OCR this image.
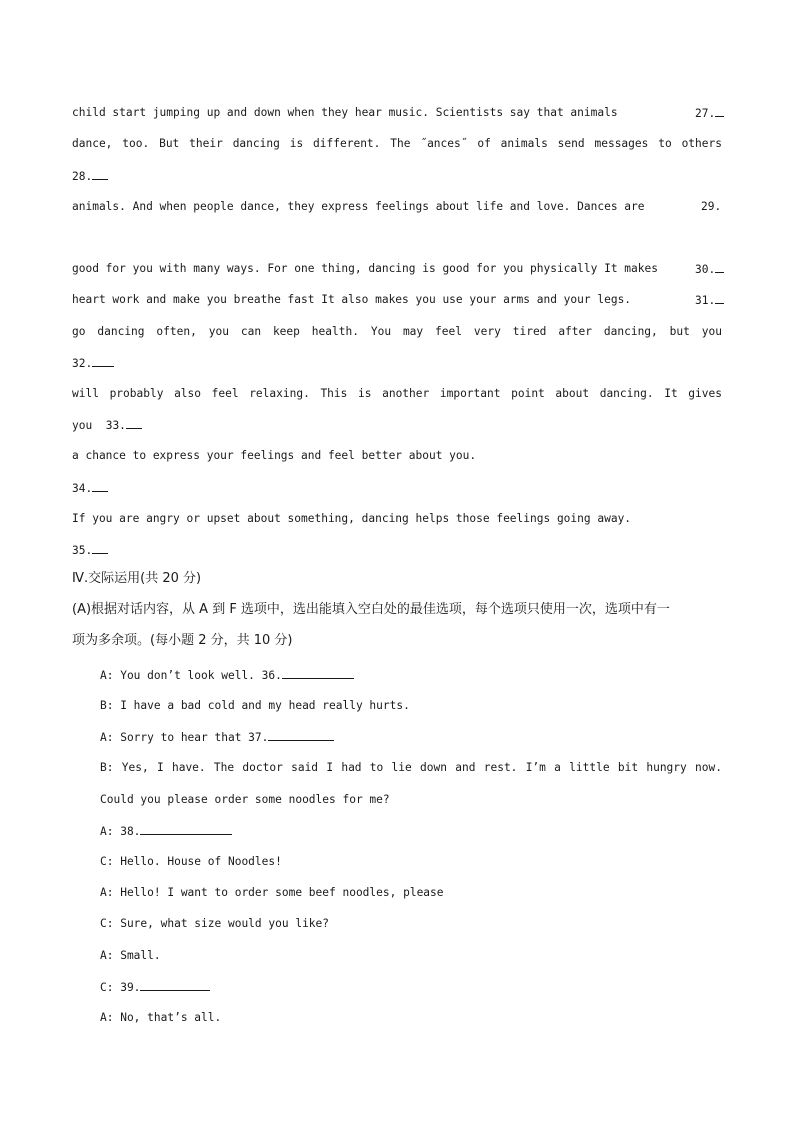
child start jumping up and down when they hear music. Scientists say that animals	27.
dance, too. But their dancing is different. The ˝ances˝ of animals send messages to others
28.
animals. And when people dance, they express feelings about life and love. Dances are	29.
good for you with many ways. For one thing, dancing is good for you physically It makes	30.
heart work and make you breathe fast It also makes you use your arms and your legs.	31.
go dancing often, you can keep health. You may feel very tired after dancing, but you
32.
will probably also feel relaxing. This is another important point about dancing. It gives
you 33.
a chance to express your feelings and feel better about you.
34.
If you are angry or upset about something, dancing helps those feelings going away.
35.
Ⅳ.交际运用(共 20 分)
(A)根据对话内容，从 A 到 F 选项中，选出能填入空白处的最佳选项，每个选项只使用一次，选项中有一
项为多余项。(每小题 2 分，共 10 分)
A: You don’t look well. 36.
B: I have a bad cold and my head really hurts.
A: Sorry to hear that 37.
B: Yes, I have. The doctor said I had to lie down and rest. I’m a little bit hungry now.
Could you please order some noodles for me?
A: 38.
C: Hello. House of Noodles!
A: Hello! I want to order some beef noodles, please
C: Sure, what size would you like?
A: Small.
C: 39.
A: No, that’s all.
